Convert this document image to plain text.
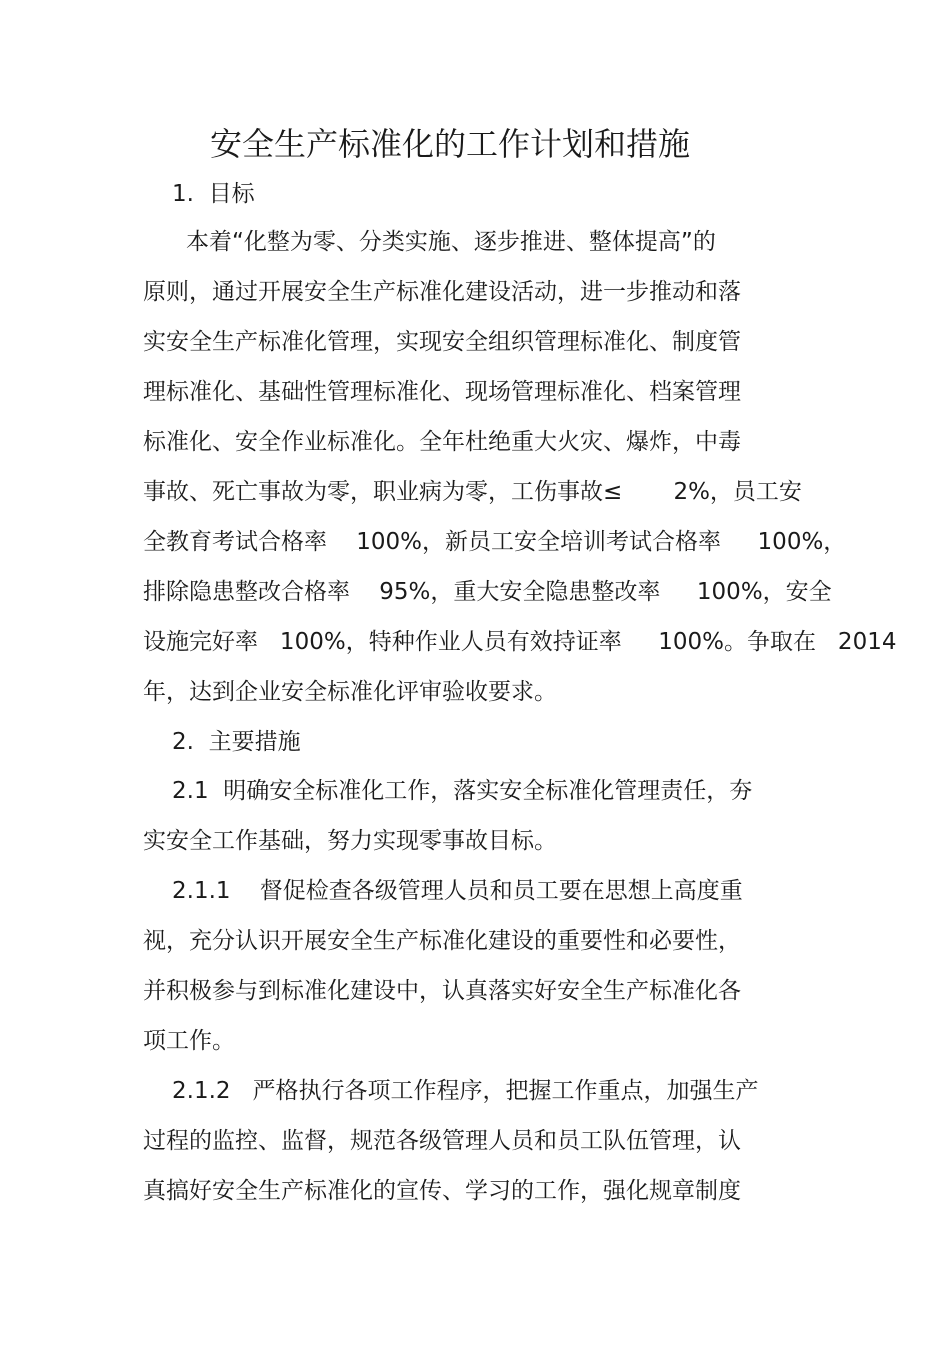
安全生产标准化的工作计划和措施
1.  目标
本着“化整为零、分类实施、逐步推进、整体提高”的
原则，通过开展安全生产标准化建设活动，进一步推动和落
实安全生产标准化管理，实现安全组织管理标准化、制度管
理标准化、基础性管理标准化、现场管理标准化、档案管理
标准化、安全作业标准化。全年杜绝重大火灾、爆炸，中毒
事故、死亡事故为零，职业病为零，工伤事故≤       2%，员工安
全教育考试合格率    100%，新员工安全培训考试合格率     100%，
排除隐患整改合格率    95%，重大安全隐患整改率     100%，安全
设施完好率   100%，特种作业人员有效持证率     100%。争取在   2014
年，达到企业安全标准化评审验收要求。
2.  主要措施
2.1  明确安全标准化工作，落实安全标准化管理责任，夯
实安全工作基础，努力实现零事故目标。
2.1.1    督促检查各级管理人员和员工要在思想上高度重
视，充分认识开展安全生产标准化建设的重要性和必要性，
并积极参与到标准化建设中，认真落实好安全生产标准化各
项工作。
2.1.2   严格执行各项工作程序，把握工作重点，加强生产
过程的监控、监督，规范各级管理人员和员工队伍管理，认
真搞好安全生产标准化的宣传、学习的工作，强化规章制度
